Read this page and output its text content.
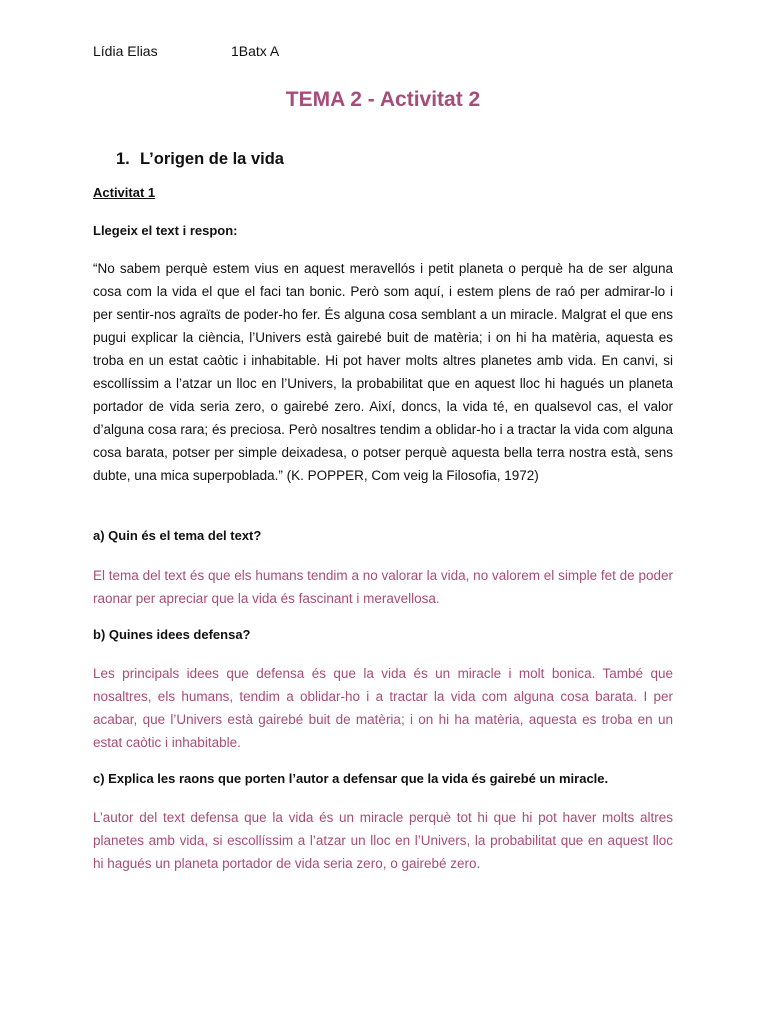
Lídia Elias	1Batx A
TEMA 2 - Activitat 2
1. L’origen de la vida
Activitat 1
Llegeix el text i respon:
“No sabem perquè estem vius en aquest meravellós i petit planeta o perquè ha de ser alguna cosa com la vida el que el faci tan bonic. Però som aquí, i estem plens de raó per admirar-lo i per sentir-nos agraïts de poder-ho fer. És alguna cosa semblant a un miracle. Malgrat el que ens pugui explicar la ciència, l’Univers està gairebé buit de matèria; i on hi ha matèria, aquesta es troba en un estat caòtic i inhabitable. Hi pot haver molts altres planetes amb vida. En canvi, si escollíssim a l’atzar un lloc en l’Univers, la probabilitat que en aquest lloc hi hagués un planeta portador de vida seria zero, o gairebé zero. Així, doncs, la vida té, en qualsevol cas, el valor d’alguna cosa rara; és preciosa. Però nosaltres tendim a oblidar-ho i a tractar la vida com alguna cosa barata, potser per simple deixadesa, o potser perquè aquesta bella terra nostra està, sens dubte, una mica superpoblada.” (K. POPPER, Com veig la Filosofia, 1972)
a) Quin és el tema del text?
El tema del text és que els humans tendim a no valorar la vida, no valorem el simple fet de poder raonar per apreciar que la vida és fascinant i meravellosa.
b) Quines idees defensa?
Les principals idees que defensa és que la vida és un miracle i molt bonica. També que nosaltres, els humans, tendim a oblidar-ho i a tractar la vida com alguna cosa barata. I per acabar, que l’Univers està gairebé buit de matèria; i on hi ha matèria, aquesta es troba en un estat caòtic i inhabitable.
c) Explica les raons que porten l’autor a defensar que la vida és gairebé un miracle.
L’autor del text defensa que la vida és un miracle perquè tot hi que hi pot haver molts altres planetes amb vida, si escollíssim a l’atzar un lloc en l’Univers, la probabilitat que en aquest lloc hi hagués un planeta portador de vida seria zero, o gairebé zero.
